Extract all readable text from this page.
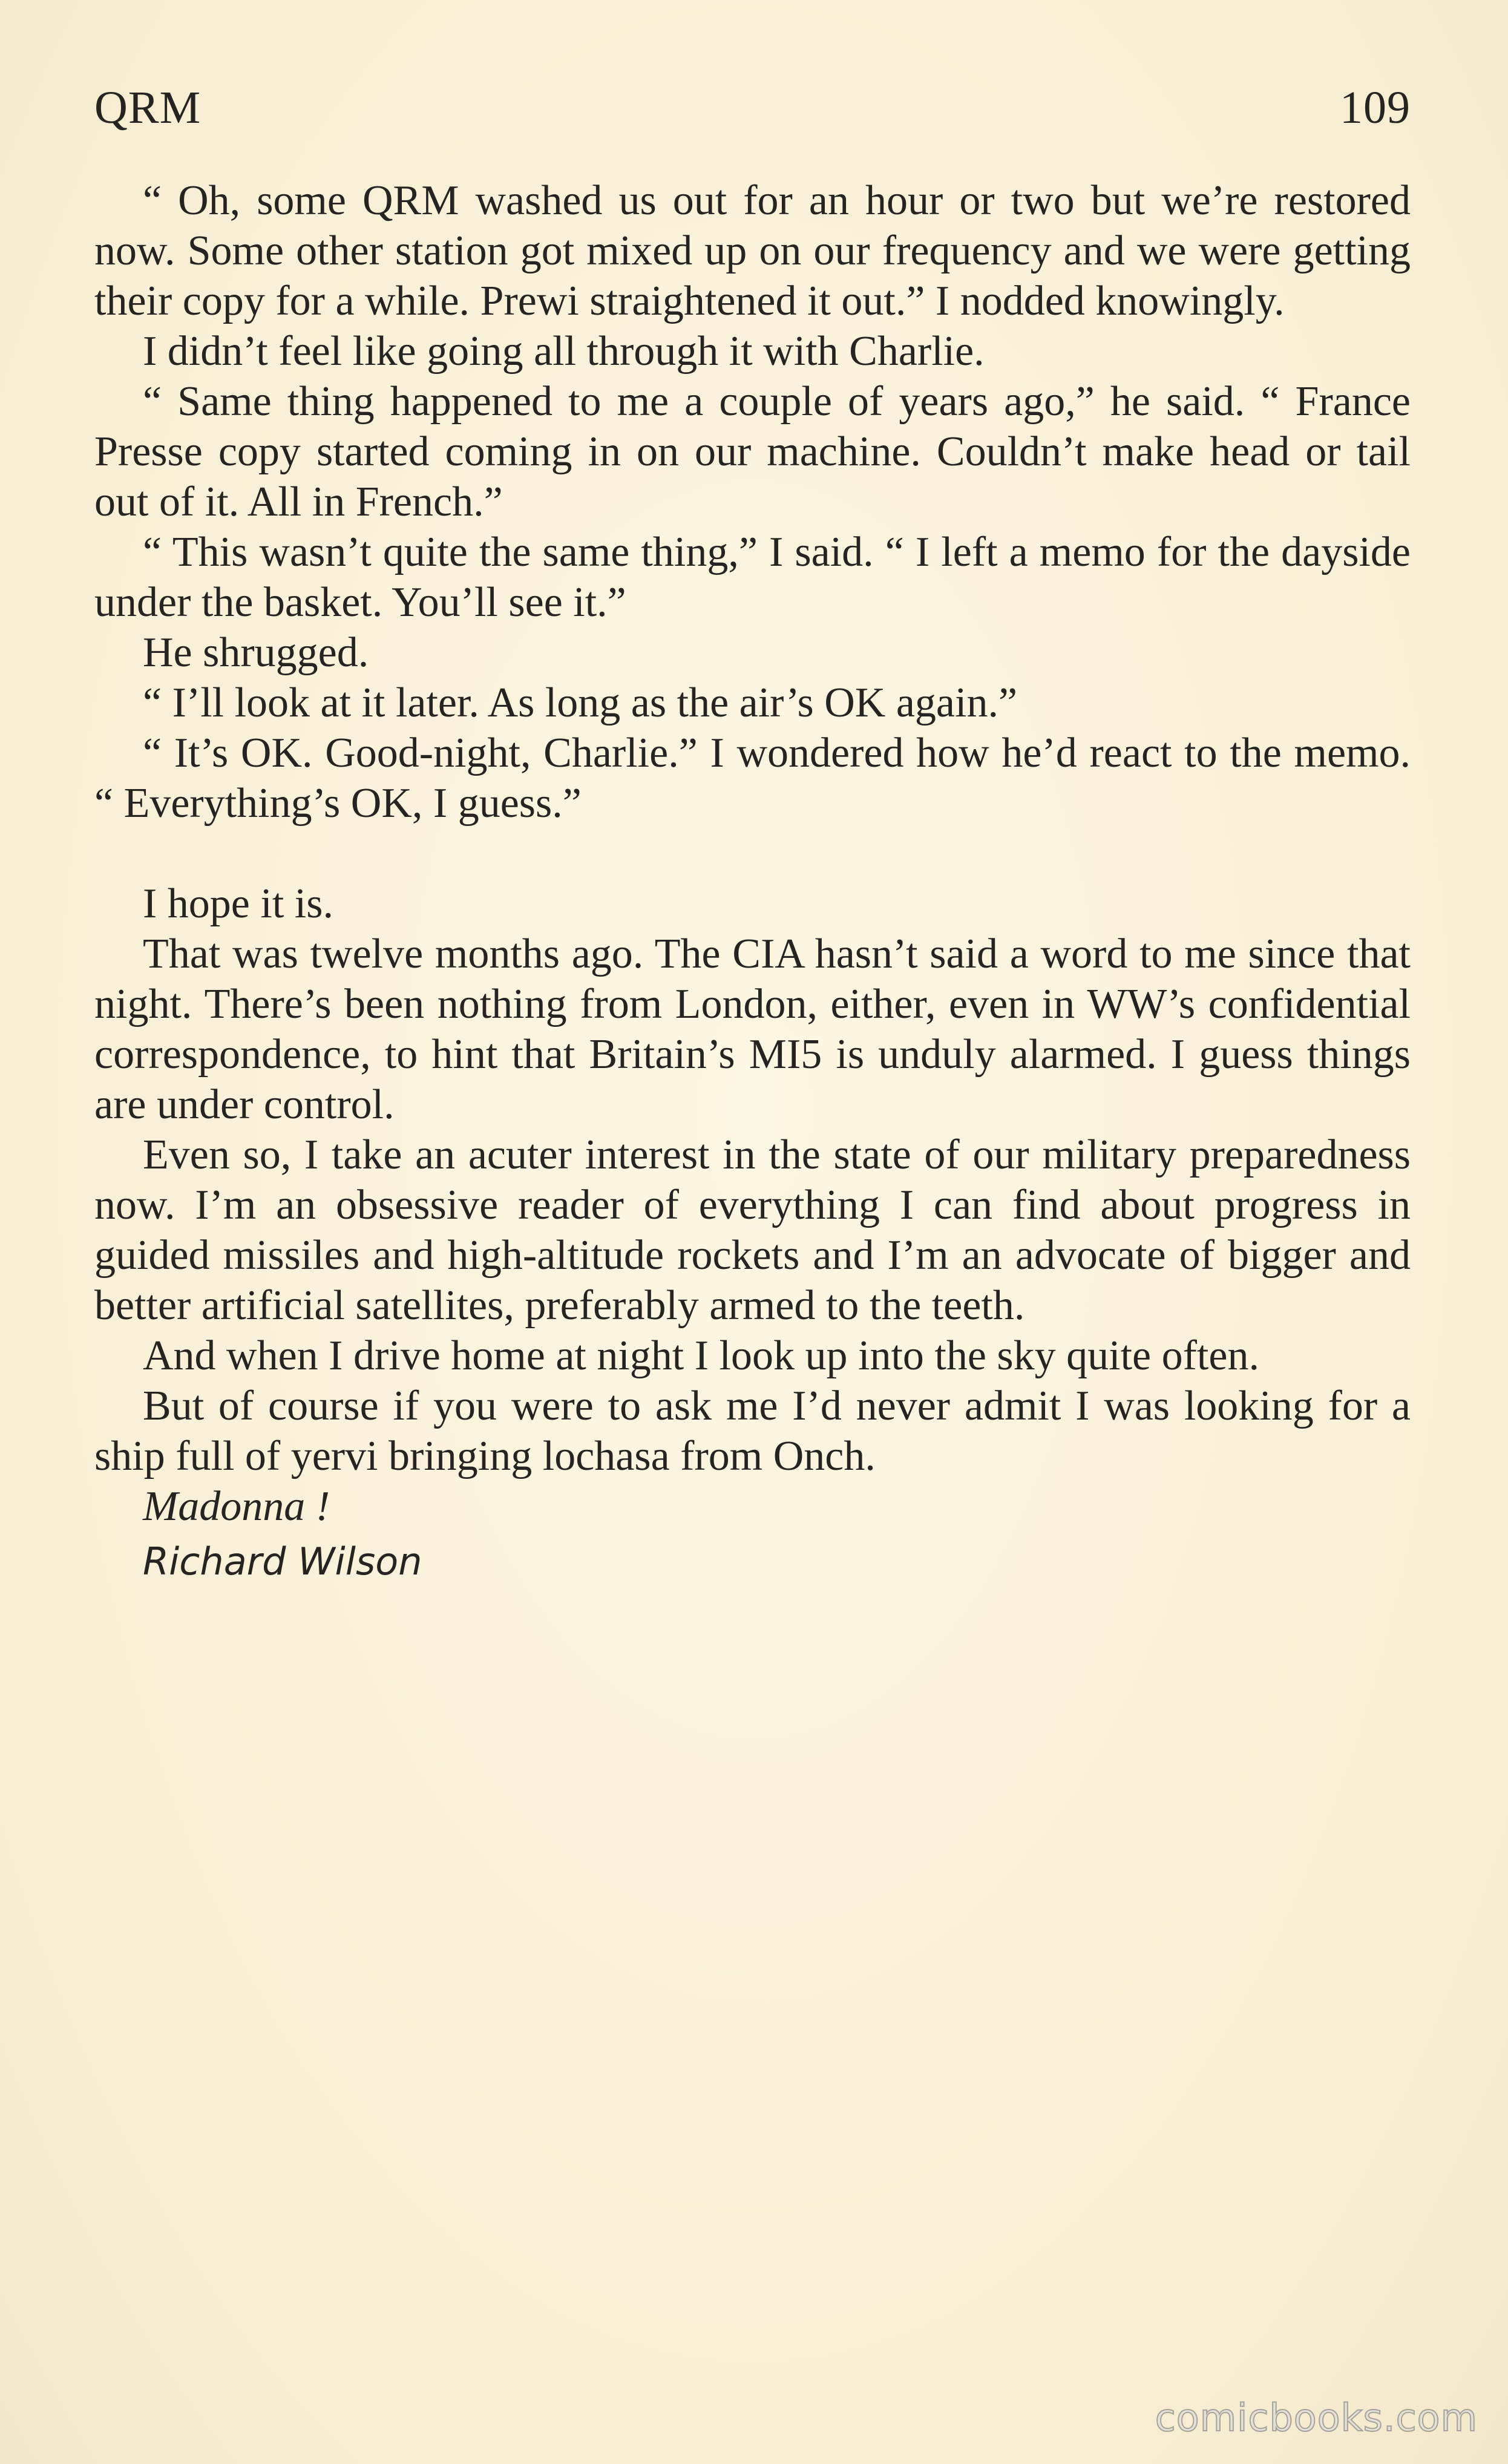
QRM	109

“ Oh, some QRM washed us out for an hour or two but we’re restored now. Some other station got mixed up on our frequency and we were getting their copy for a while. Prewi straightened it out.” I nodded knowingly.

I didn’t feel like going all through it with Charlie.

“ Same thing happened to me a couple of years ago,” he said. “ France Presse copy started coming in on our machine. Couldn’t make head or tail out of it. All in French.”

“ This wasn’t quite the same thing,” I said. “ I left a memo for the dayside under the basket. You’ll see it.”

He shrugged.

“ I’ll look at it later. As long as the air’s OK again.”

“ It’s OK. Good-night, Charlie.” I wondered how he’d react to the memo. “ Everything’s OK, I guess.”

I hope it is.

That was twelve months ago. The CIA hasn’t said a word to me since that night. There’s been nothing from London, either, even in WW’s confidential correspondence, to hint that Britain’s MI5 is unduly alarmed. I guess things are under control.

Even so, I take an acuter interest in the state of our military preparedness now. I’m an obsessive reader of everything I can find about progress in guided missiles and high-altitude rockets and I’m an advocate of bigger and better artificial satellites, preferably armed to the teeth.

And when I drive home at night I look up into the sky quite often.

But of course if you were to ask me I’d never admit I was looking for a ship full of yervi bringing lochasa from Onch.

Madonna !

Richard Wilson

comicbooks.com
